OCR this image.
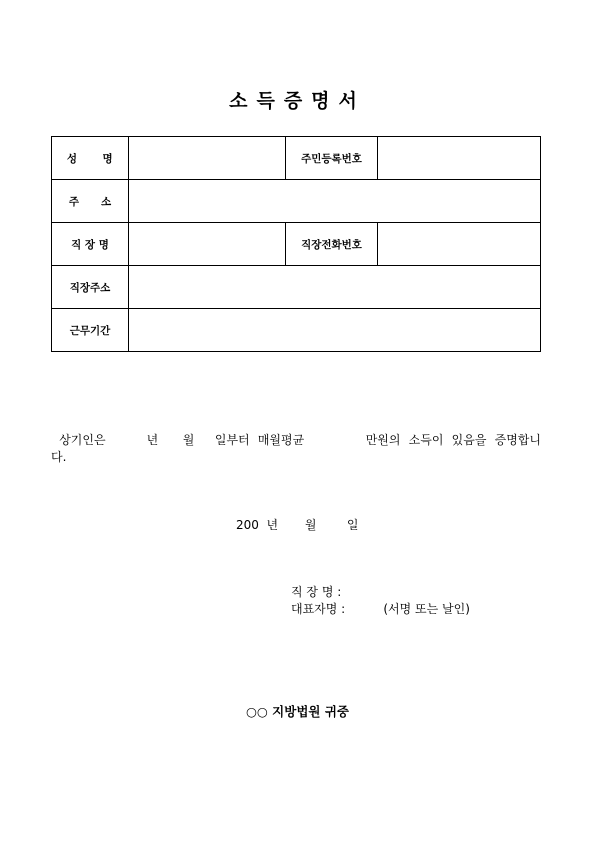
소득증명서
성      명		주민등록번호	
주      소			
직 장 명		직장전화번호	
직장주소			
근무기간			
상기인은          년      월     일부터  매월평균               만원의  소득이  있음을  증명합니다.
200  년       월        일
직 장 명 :
대표자명 :          (서명 또는 날인)
○○ 지방법원 귀중
